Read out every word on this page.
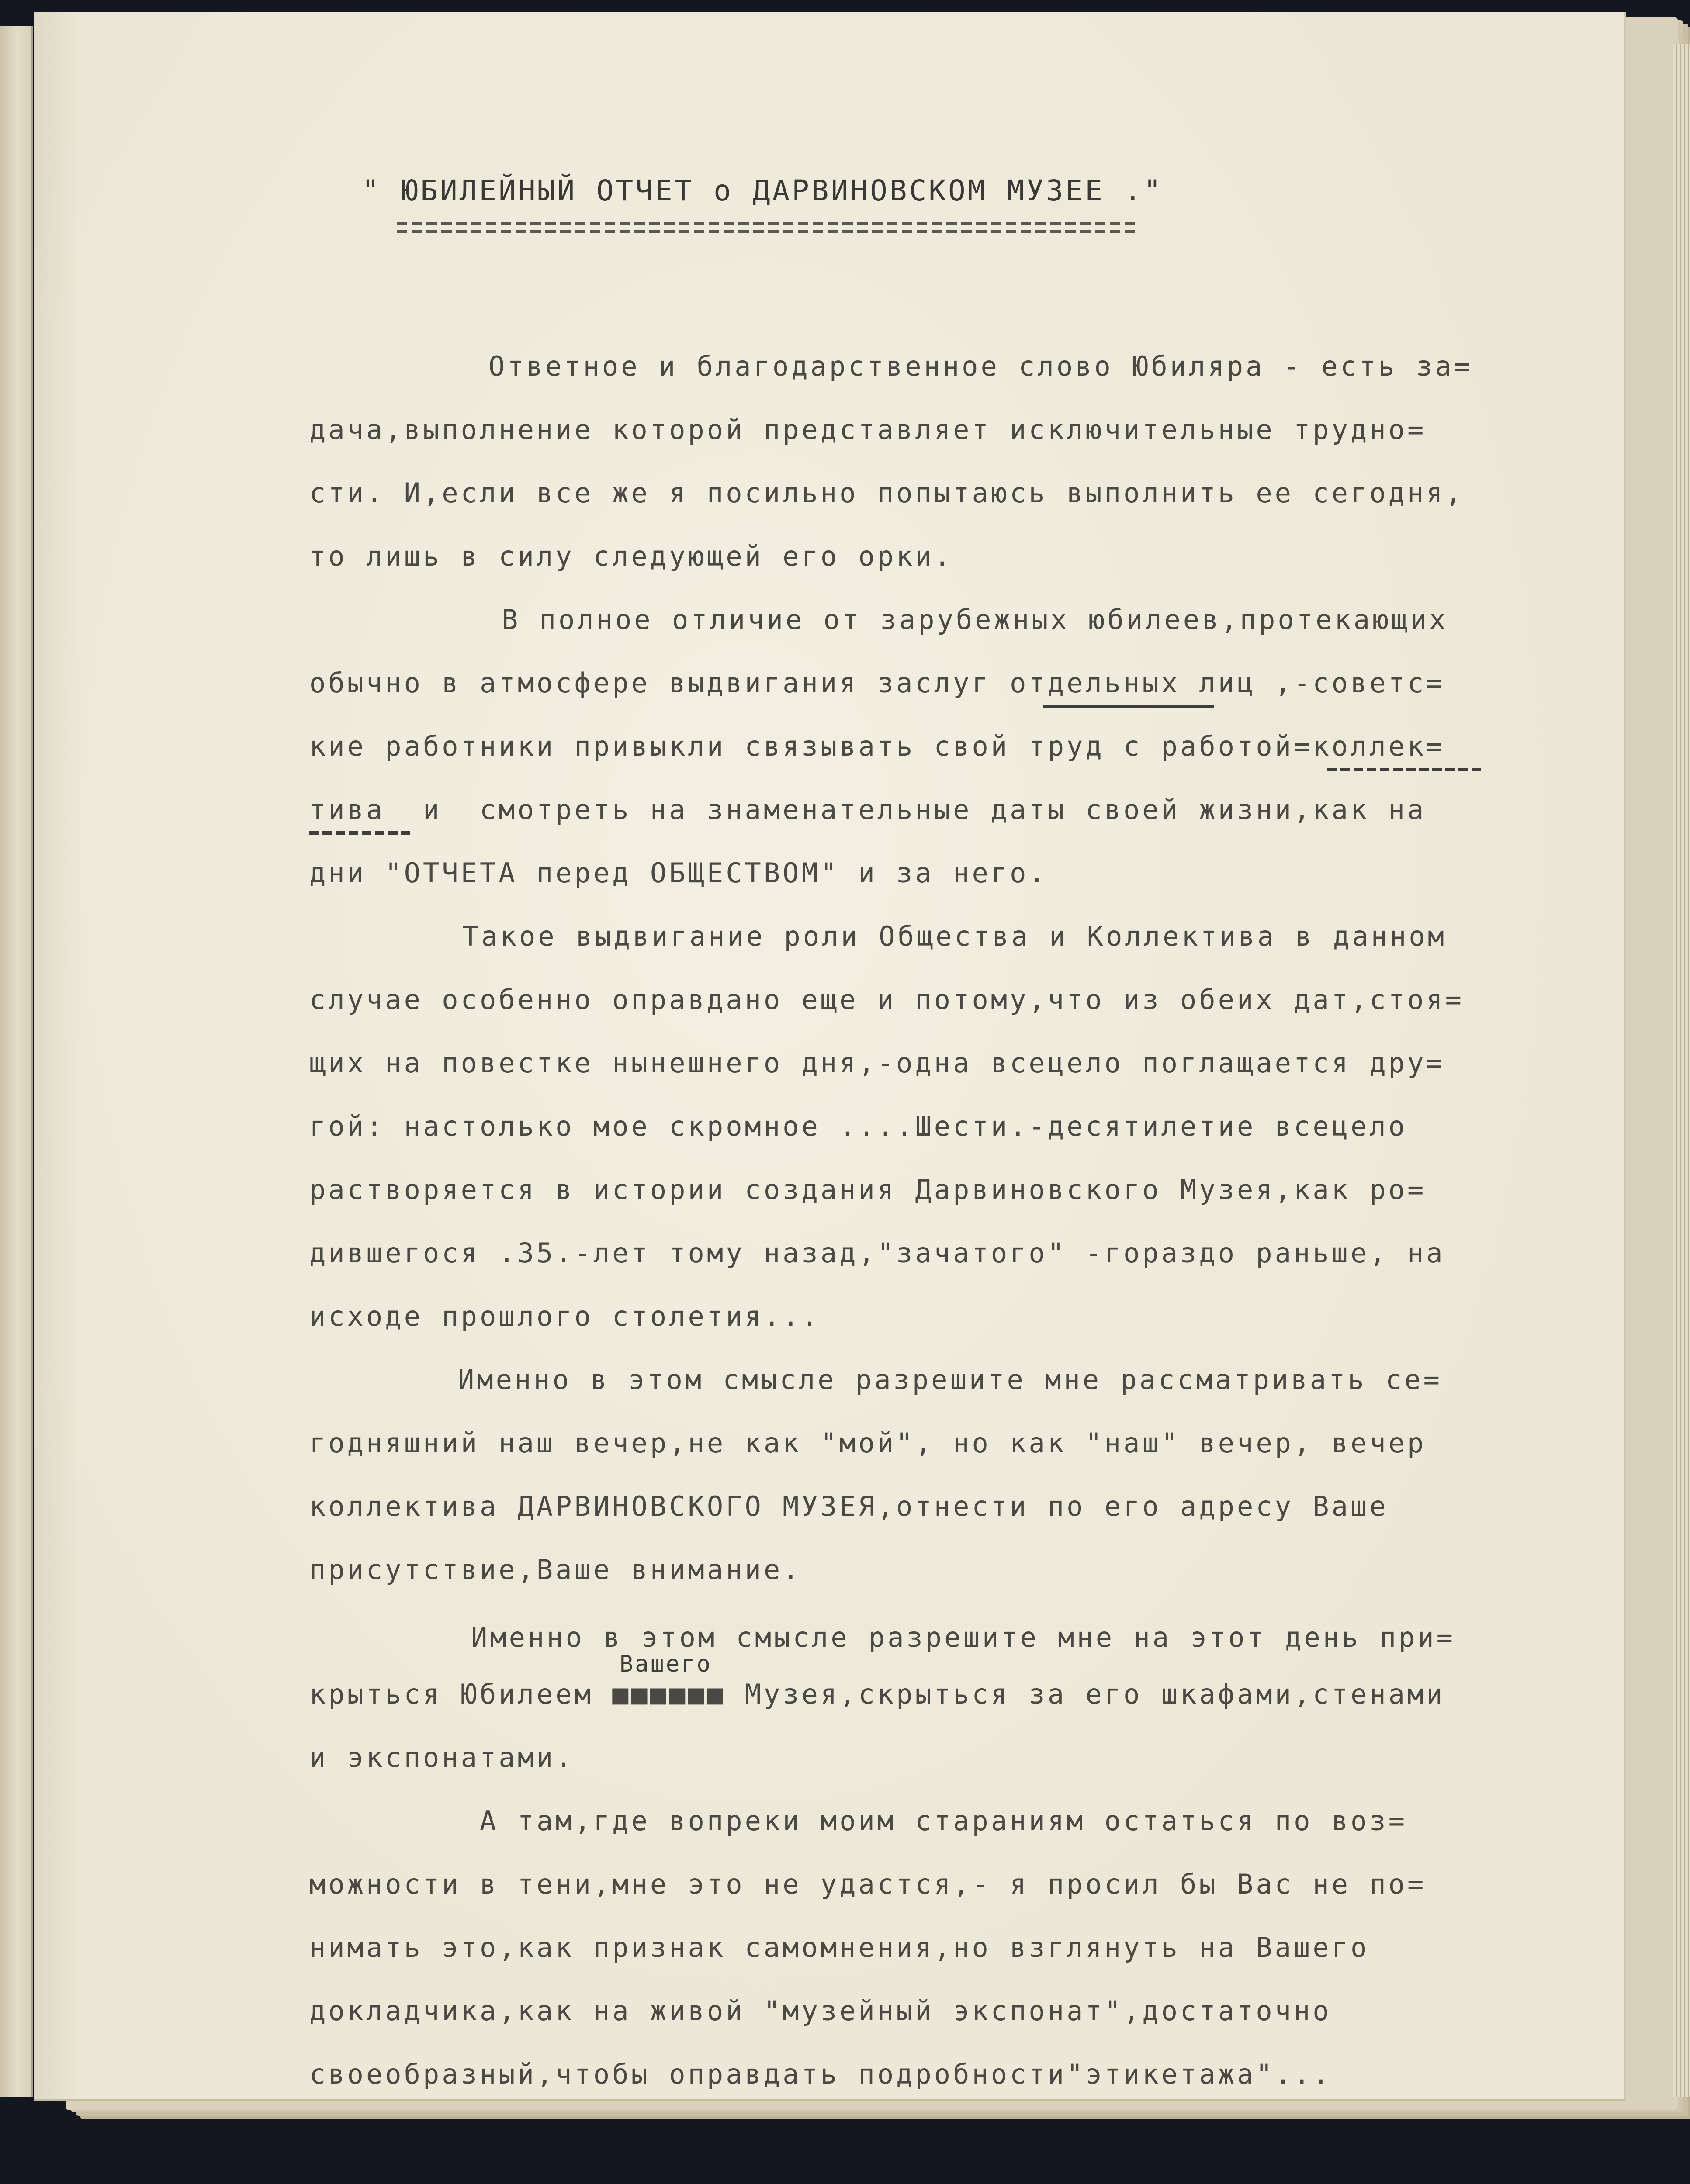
" ЮБИЛЕЙНЫЙ ОТЧЕТ о ДАРВИНОВСКОМ МУЗЕЕ ."
Ответное и благодарственное слово Юбиляра - есть за=
дача,выполнение которой представляет исключительные трудно=
сти. И,если все же я посильно попытаюсь выполнить ее сегодня,
то лишь в силу следующей его орки.
В полное отличие от зарубежных юбилеев,протекающих
обычно в атмосфере выдвигания заслуг отдельных лиц ,-советс=
кие работники привыкли связывать свой труд с работой=коллек=
тива  и  смотреть на знаменательные даты своей жизни,как на
дни "ОТЧЕТА перед ОБЩЕСТВОМ" и за него.
Такое выдвигание роли Общества и Коллектива в данном
случае особенно оправдано еще и потому,что из обеих дат,стоя=
щих на повестке нынешнего дня,-одна всецело поглащается дру=
гой: настолько мое скромное ....Шести.-десятилетие всецело
растворяется в истории создания Дарвиновского Музея,как ро=
дившегося .35.-лет тому назад,"зачатого" -гораздо раньше, на
исходе прошлого столетия...
Именно в этом смысле разрешите мне рассматривать се=
годняшний наш вечер,не как "мой", но как "наш" вечер, вечер
коллектива ДАРВИНОВСКОГО МУЗЕЯ,отнести по его адресу Ваше
присутствие,Ваше внимание.
Именно в этом смысле разрешите мне на этот день при=
Вашего
крыться Юбилеем ■■■■■■ Музея,скрыться за его шкафами,стенами
и экспонатами.
А там,где вопреки моим стараниям остаться по воз=
можности в тени,мне это не удастся,- я просил бы Вас не по=
нимать это,как признак самомнения,но взглянуть на Вашего
докладчика,как на живой "музейный экспонат",достаточно
своеобразный,чтобы оправдать подробности"этикетажа"...
